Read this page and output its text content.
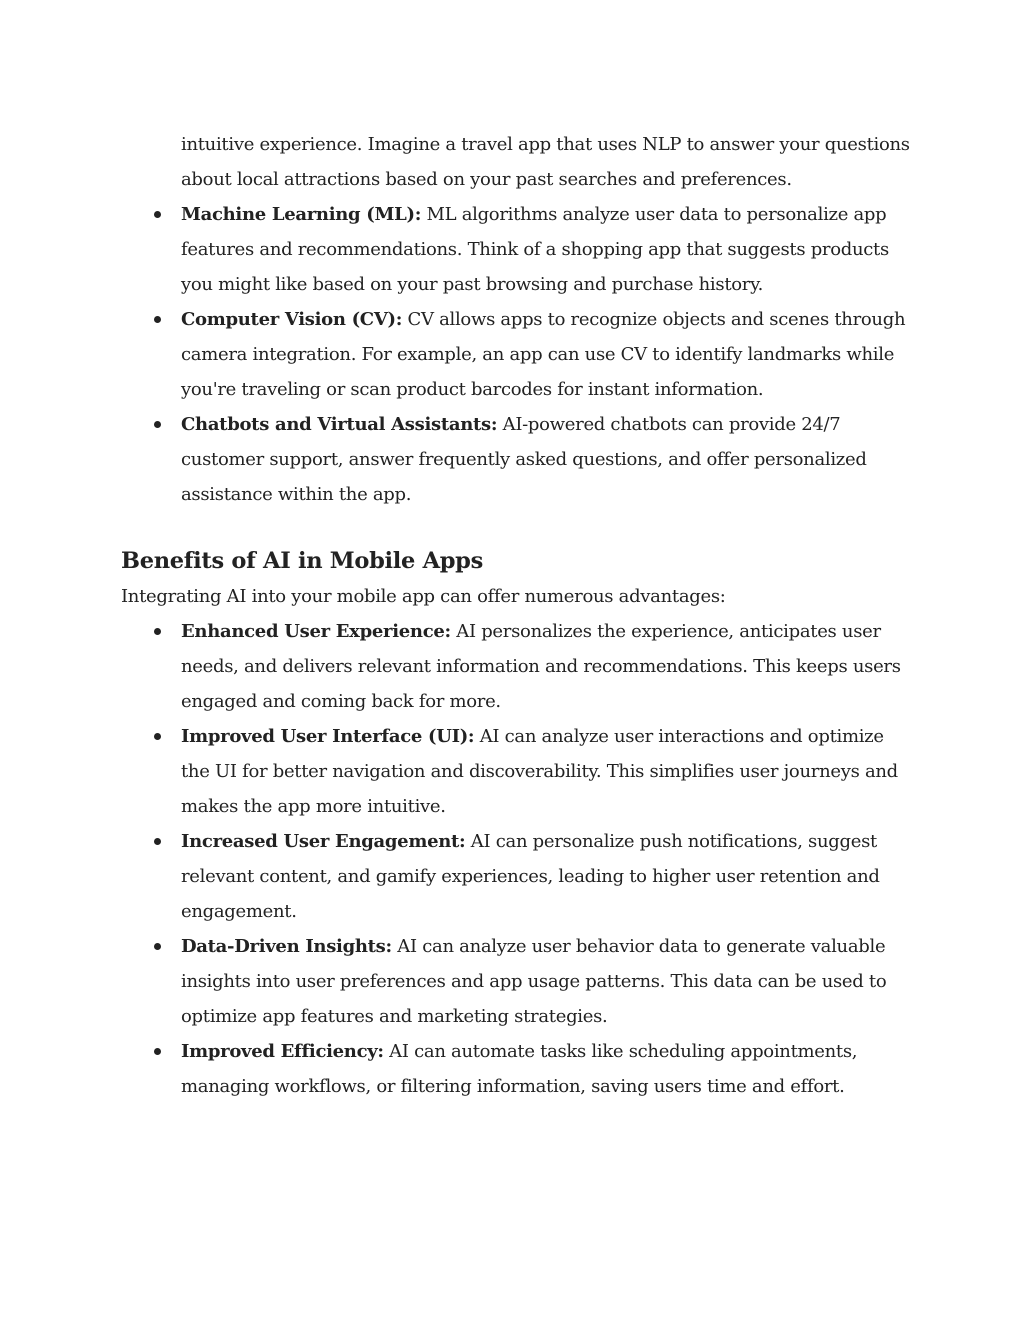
intuitive experience. Imagine a travel app that uses NLP to answer your questions about local attractions based on your past searches and preferences.

Machine Learning (ML): ML algorithms analyze user data to personalize app features and recommendations. Think of a shopping app that suggests products you might like based on your past browsing and purchase history.
Computer Vision (CV): CV allows apps to recognize objects and scenes through camera integration. For example, an app can use CV to identify landmarks while you're traveling or scan product barcodes for instant information.
Chatbots and Virtual Assistants: AI-powered chatbots can provide 24/7 customer support, answer frequently asked questions, and offer personalized assistance within the app.
Benefits of AI in Mobile Apps

Integrating AI into your mobile app can offer numerous advantages:

Enhanced User Experience: AI personalizes the experience, anticipates user needs, and delivers relevant information and recommendations. This keeps users engaged and coming back for more.
Improved User Interface (UI): AI can analyze user interactions and optimize the UI for better navigation and discoverability. This simplifies user journeys and makes the app more intuitive.
Increased User Engagement: AI can personalize push notifications, suggest relevant content, and gamify experiences, leading to higher user retention and engagement.
Data-Driven Insights: AI can analyze user behavior data to generate valuable insights into user preferences and app usage patterns. This data can be used to optimize app features and marketing strategies.
Improved Efficiency: AI can automate tasks like scheduling appointments, managing workflows, or filtering information, saving users time and effort.
